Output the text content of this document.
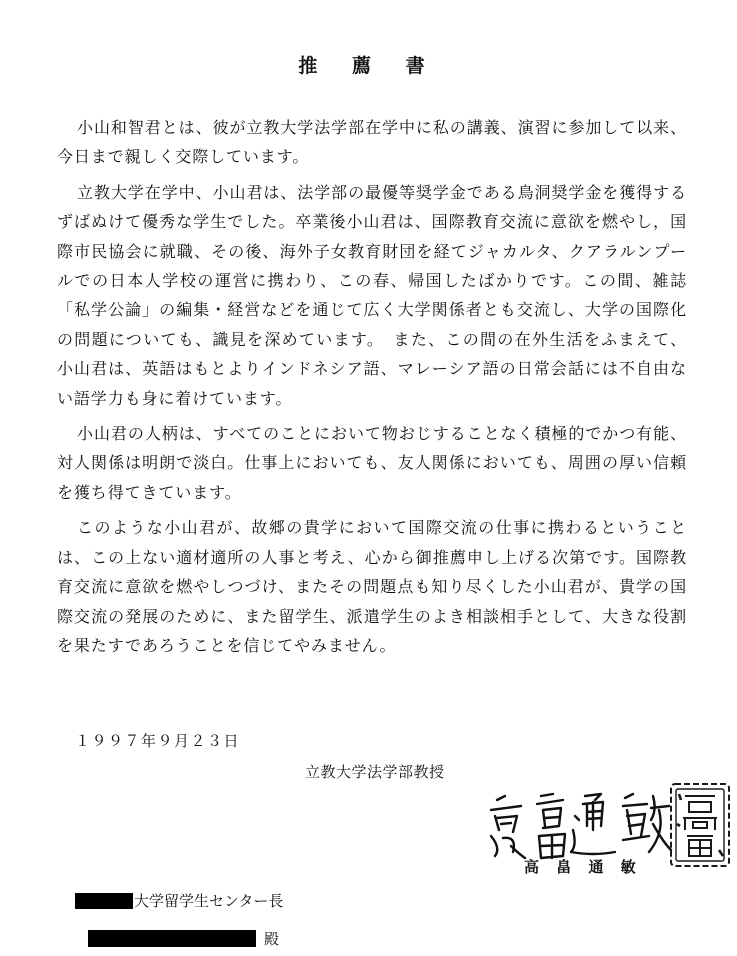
推 薦 書

小山和智君とは、彼が立教大学法学部在学中に私の講義、演習に参加して以来、今日まで親しく交際しています。

立教大学在学中、小山君は、法学部の最優等奨学金である鳥洞奨学金を獲得するずばぬけて優秀な学生でした。卒業後小山君は、国際教育交流に意欲を燃やし，国際市民協会に就職、その後、海外子女教育財団を経てジャカルタ、クアラルンプールでの日本人学校の運営に携わり、この春、帰国したばかりです。この間、雑誌「私学公論」の編集・経営などを通じて広く大学関係者とも交流し、大学の国際化の問題についても、識見を深めています。　また、この間の在外生活をふまえて、小山君は、英語はもとよりインドネシア語、マレーシア語の日常会話には不自由ない語学力も身に着けています。

小山君の人柄は、すべてのことにおいて物おじすることなく積極的でかつ有能、対人関係は明朗で淡白。仕事上においても、友人関係においても、周囲の厚い信頼を獲ち得てきています。

このような小山君が、故郷の貴学において国際交流の仕事に携わるということは、この上ない適材適所の人事と考え、心から御推薦申し上げる次第です。国際教育交流に意欲を燃やしつづけ、またその問題点も知り尽くした小山君が、貴学の国際交流の発展のために、また留学生、派遣学生のよき相談相手として、大きな役割を果たすであろうことを信じてやみません。

１９９７年９月２３日
立教大学法学部教授
高 畠 通 敏
大学留学生センター長
殿
